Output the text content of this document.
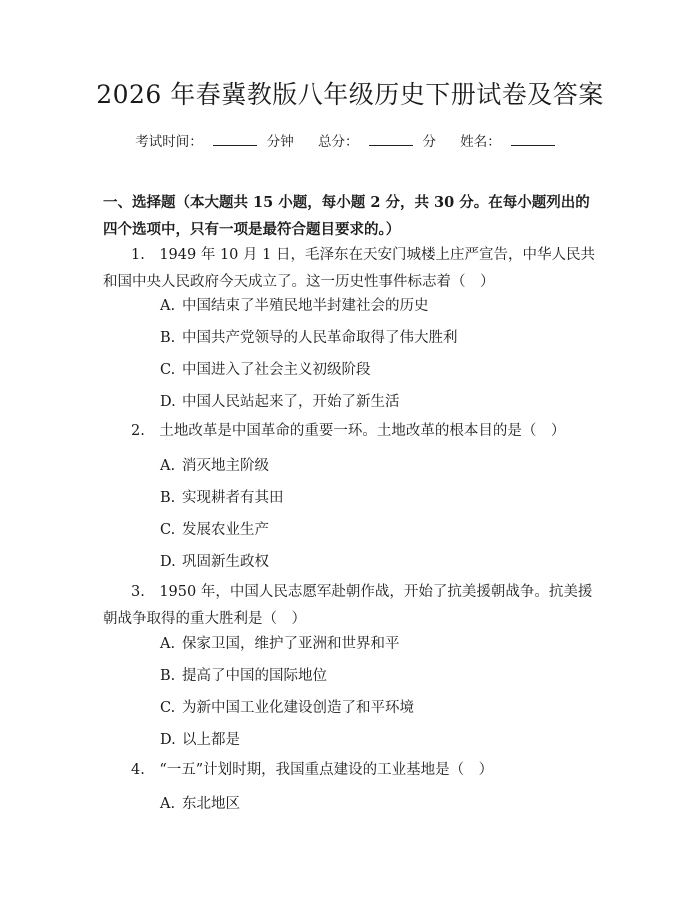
2026 年春冀教版八年级历史下册试卷及答案
考试时间：	分钟 总分：	分 姓名：
一、选择题（本大题共 15 小题，每小题 2 分，共 30 分。在每小题列出的四个选项中，只有一项是最符合题目要求的。）
1.　1949 年 10 月 1 日，毛泽东在天安门城楼上庄严宣告，中华人民共和国中央人民政府今天成立了。这一历史性事件标志着（　）
A. 中国结束了半殖民地半封建社会的历史
B. 中国共产党领导的人民革命取得了伟大胜利
C. 中国进入了社会主义初级阶段
D. 中国人民站起来了，开始了新生活
2.　土地改革是中国革命的重要一环。土地改革的根本目的是（　）
A. 消灭地主阶级
B. 实现耕者有其田
C. 发展农业生产
D. 巩固新生政权
3.　1950 年，中国人民志愿军赴朝作战，开始了抗美援朝战争。抗美援朝战争取得的重大胜利是（　）
A. 保家卫国，维护了亚洲和世界和平
B. 提高了中国的国际地位
C. 为新中国工业化建设创造了和平环境
D. 以上都是
4.　“一五”计划时期，我国重点建设的工业基地是（　）
A. 东北地区
